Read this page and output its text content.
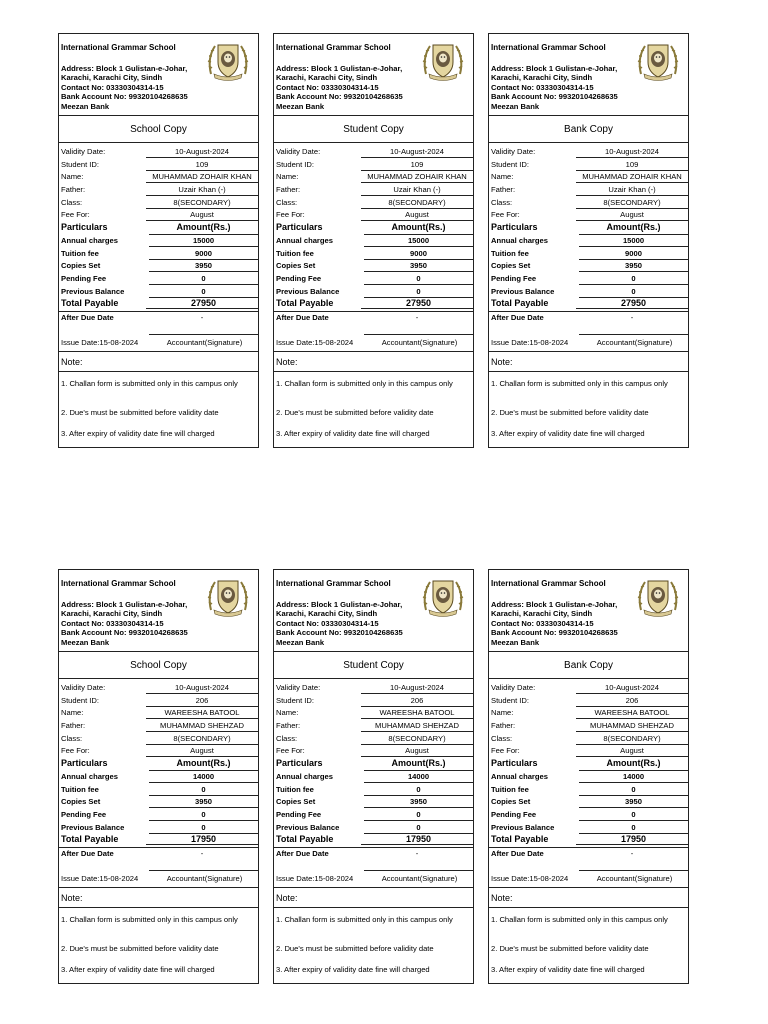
International Grammar School
Address: Block 1 Gulistan-e-Johar,
Karachi, Karachi City, Sindh
Contact No: 03330304314-15
Bank Account No: 99320104268635
Meezan Bank
School Copy
Validity Date:	10-August-2024
Student ID:	109
Name:	MUHAMMAD ZOHAIR KHAN
Father:	Uzair Khan (-)
Class:	8(SECONDARY)
Fee For:	August
Particulars	Amount(Rs.)
Annual charges	15000
Tuition fee	9000
Copies Set	3950
Pending Fee	0
Previous Balance	0
Total Payable	27950
After Due Date	-
Issue Date:15-08-2024	Accountant(Signature)
Note:
1. Challan form is submitted only in this campus only
2. Due's must be submitted before validity date
3. After expiry of validity date fine will charged
International Grammar School
Address: Block 1 Gulistan-e-Johar,
Karachi, Karachi City, Sindh
Contact No: 03330304314-15
Bank Account No: 99320104268635
Meezan Bank
Student Copy
Validity Date:	10-August-2024
Student ID:	109
Name:	MUHAMMAD ZOHAIR KHAN
Father:	Uzair Khan (-)
Class:	8(SECONDARY)
Fee For:	August
Particulars	Amount(Rs.)
Annual charges	15000
Tuition fee	9000
Copies Set	3950
Pending Fee	0
Previous Balance	0
Total Payable	27950
After Due Date	-
Issue Date:15-08-2024	Accountant(Signature)
Note:
1. Challan form is submitted only in this campus only
2. Due's must be submitted before validity date
3. After expiry of validity date fine will charged
International Grammar School
Address: Block 1 Gulistan-e-Johar,
Karachi, Karachi City, Sindh
Contact No: 03330304314-15
Bank Account No: 99320104268635
Meezan Bank
Bank Copy
Validity Date:	10-August-2024
Student ID:	109
Name:	MUHAMMAD ZOHAIR KHAN
Father:	Uzair Khan (-)
Class:	8(SECONDARY)
Fee For:	August
Particulars	Amount(Rs.)
Annual charges	15000
Tuition fee	9000
Copies Set	3950
Pending Fee	0
Previous Balance	0
Total Payable	27950
After Due Date	-
Issue Date:15-08-2024	Accountant(Signature)
Note:
1. Challan form is submitted only in this campus only
2. Due's must be submitted before validity date
3. After expiry of validity date fine will charged
International Grammar School
Address: Block 1 Gulistan-e-Johar,
Karachi, Karachi City, Sindh
Contact No: 03330304314-15
Bank Account No: 99320104268635
Meezan Bank
School Copy
Validity Date:	10-August-2024
Student ID:	206
Name:	WAREESHA BATOOL
Father:	MUHAMMAD SHEHZAD
Class:	8(SECONDARY)
Fee For:	August
Particulars	Amount(Rs.)
Annual charges	14000
Tuition fee	0
Copies Set	3950
Pending Fee	0
Previous Balance	0
Total Payable	17950
After Due Date	-
Issue Date:15-08-2024	Accountant(Signature)
Note:
1. Challan form is submitted only in this campus only
2. Due's must be submitted before validity date
3. After expiry of validity date fine will charged
International Grammar School
Address: Block 1 Gulistan-e-Johar,
Karachi, Karachi City, Sindh
Contact No: 03330304314-15
Bank Account No: 99320104268635
Meezan Bank
Student Copy
Validity Date:	10-August-2024
Student ID:	206
Name:	WAREESHA BATOOL
Father:	MUHAMMAD SHEHZAD
Class:	8(SECONDARY)
Fee For:	August
Particulars	Amount(Rs.)
Annual charges	14000
Tuition fee	0
Copies Set	3950
Pending Fee	0
Previous Balance	0
Total Payable	17950
After Due Date	-
Issue Date:15-08-2024	Accountant(Signature)
Note:
1. Challan form is submitted only in this campus only
2. Due's must be submitted before validity date
3. After expiry of validity date fine will charged
International Grammar School
Address: Block 1 Gulistan-e-Johar,
Karachi, Karachi City, Sindh
Contact No: 03330304314-15
Bank Account No: 99320104268635
Meezan Bank
Bank Copy
Validity Date:	10-August-2024
Student ID:	206
Name:	WAREESHA BATOOL
Father:	MUHAMMAD SHEHZAD
Class:	8(SECONDARY)
Fee For:	August
Particulars	Amount(Rs.)
Annual charges	14000
Tuition fee	0
Copies Set	3950
Pending Fee	0
Previous Balance	0
Total Payable	17950
After Due Date	-
Issue Date:15-08-2024	Accountant(Signature)
Note:
1. Challan form is submitted only in this campus only
2. Due's must be submitted before validity date
3. After expiry of validity date fine will charged
